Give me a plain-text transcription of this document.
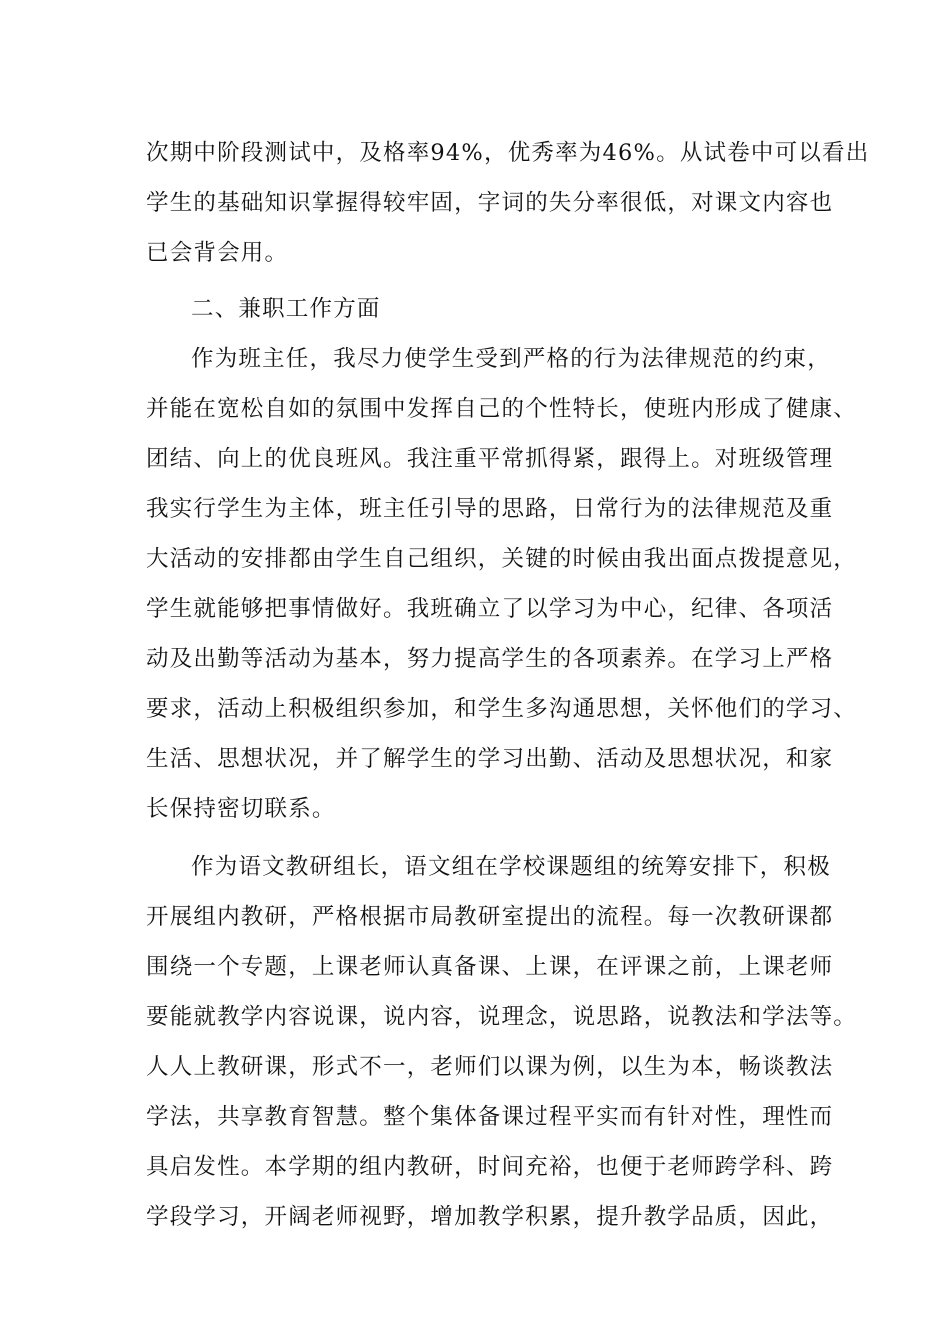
次期中阶段测试中，及格率94%，优秀率为46%。从试卷中可以看出
学生的基础知识掌握得较牢固，字词的失分率很低，对课文内容也
已会背会用。
二、兼职工作方面
作为班主任，我尽力使学生受到严格的行为法律规范的约束，
并能在宽松自如的氛围中发挥自己的个性特长，使班内形成了健康、
团结、向上的优良班风。我注重平常抓得紧，跟得上。对班级管理
我实行学生为主体，班主任引导的思路，日常行为的法律规范及重
大活动的安排都由学生自己组织，关键的时候由我出面点拨提意见，
学生就能够把事情做好。我班确立了以学习为中心，纪律、各项活
动及出勤等活动为基本，努力提高学生的各项素养。在学习上严格
要求，活动上积极组织参加，和学生多沟通思想，关怀他们的学习、
生活、思想状况，并了解学生的学习出勤、活动及思想状况，和家
长保持密切联系。
作为语文教研组长，语文组在学校课题组的统筹安排下，积极
开展组内教研，严格根据市局教研室提出的流程。每一次教研课都
围绕一个专题，上课老师认真备课、上课，在评课之前，上课老师
要能就教学内容说课，说内容，说理念，说思路，说教法和学法等。
人人上教研课，形式不一，老师们以课为例，以生为本，畅谈教法
学法，共享教育智慧。整个集体备课过程平实而有针对性，理性而
具启发性。本学期的组内教研，时间充裕，也便于老师跨学科、跨
学段学习，开阔老师视野，增加教学积累，提升教学品质，因此，
